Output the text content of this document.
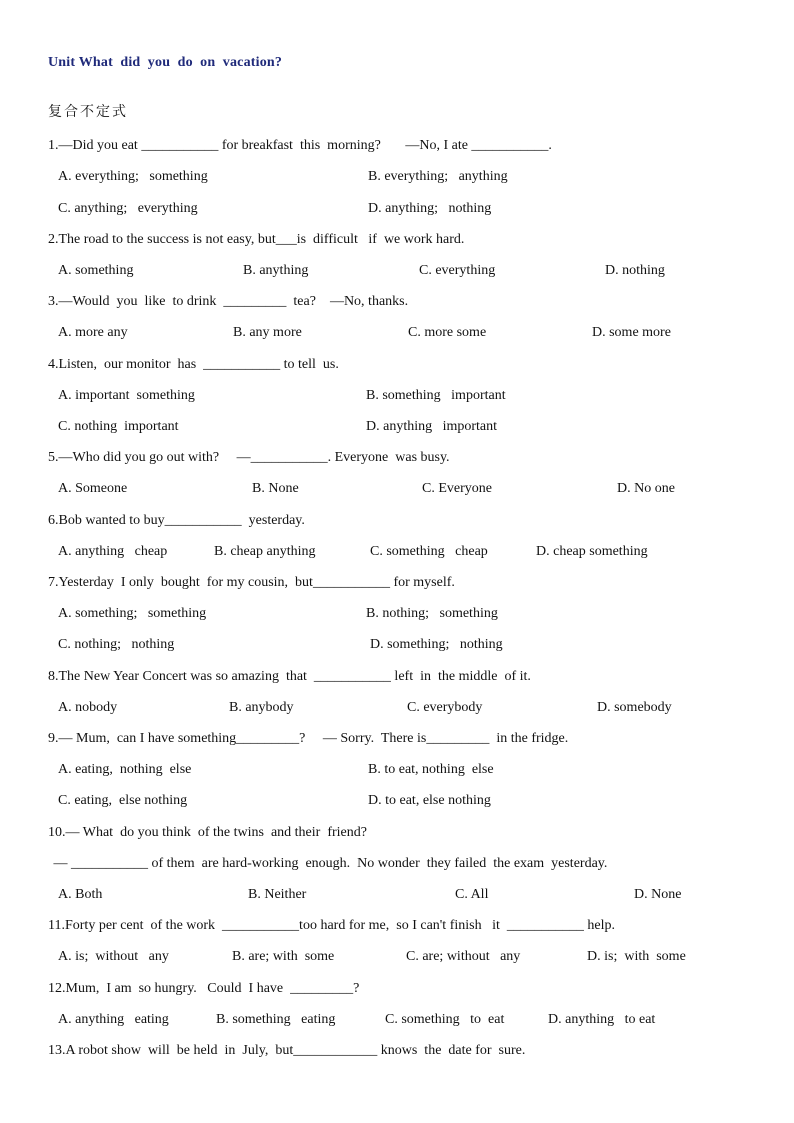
Unit What  did  you  do  on  vacation?
复合不定式
1.—Did you eat ___________ for breakfast  this  morning?       —No, I ate ___________.
A. everything;   something	B. everything;   anything
C. anything;   everything	D. anything;   nothing
2.The road to the success is not easy, but___is  difficult   if  we work hard.
A. something	B. anything	C. everything	D. nothing
3.—Would  you  like  to drink  _________  tea?    —No, thanks.
A. more any	B. any more	C. more some	D. some more
4.Listen,  our monitor  has  ___________ to tell  us.
A. important  something	B. something   important
C. nothing  important	D. anything   important
5.—Who did you go out with?     —___________. Everyone  was busy.
A. Someone	B. None	C. Everyone	D. No one
6.Bob wanted to buy___________  yesterday.
A. anything   cheap	B. cheap anything	C. something   cheap	D. cheap something
7.Yesterday  I only  bought  for my cousin,  but___________ for myself.
A. something;   something	B. nothing;   something
C. nothing;   nothing	D. something;   nothing
8.The New Year Concert was so amazing  that  ___________ left  in  the middle  of it.
A. nobody	B. anybody	C. everybody	D. somebody
9.— Mum,  can I have something_________?     — Sorry.  There is_________  in the fridge.
A. eating,  nothing  else	B. to eat, nothing  else
C. eating,  else nothing	D. to eat, else nothing
10.— What  do you think  of the twins  and their  friend?
— ___________ of them  are hard-working  enough.  No wonder  they failed  the exam  yesterday.
A. Both	B. Neither	C. All	D. None
11.Forty per cent  of the work  ___________too hard for me,  so I can't finish   it  ___________ help.
A. is;  without   any	B. are; with  some	C. are; without   any	D. is;  with  some
12.Mum,  I am  so hungry.   Could  I have  _________?
A. anything   eating	B. something   eating	C. something   to  eat	D. anything   to eat
13.A robot show  will  be held  in  July,  but____________ knows  the  date for  sure.
